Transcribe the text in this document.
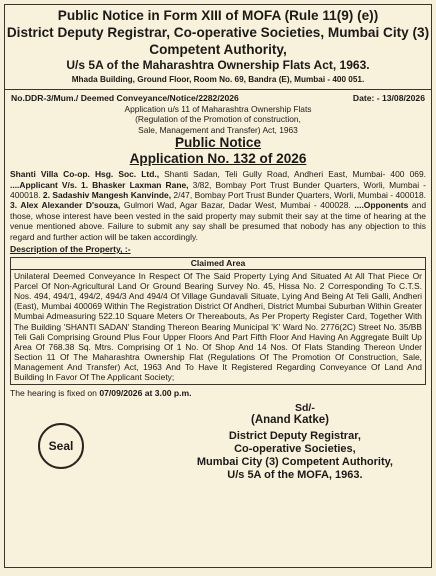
Public Notice in Form XIII of MOFA (Rule 11(9) (e))
District Deputy Registrar, Co-operative Societies, Mumbai City (3)
Competent Authority,
U/s 5A of the Maharashtra Ownership Flats Act, 1963.
Mhada Building, Ground Floor, Room No. 69, Bandra (E), Mumbai - 400 051.
No.DDR-3/Mum./ Deemed Conveyance/Notice/2282/2026	Date: - 13/08/2026
Application u/s 11 of Maharashtra Ownership Flats
(Regulation of the Promotion of construction,
Sale, Management and Transfer) Act, 1963
Public Notice
Application No. 132 of 2026
Shanti Villa Co-op. Hsg. Soc. Ltd., Shanti Sadan, Teli Gully Road, Andheri East, Mumbai- 400 069. ....Applicant V/s. 1. Bhasker Laxman Rane, 3/82, Bombay Port Trust Bunder Quarters, Worli, Mumbai - 400018. 2. Sadashiv Mangesh Kanvinde, 2/47, Bombay Port Trust Bunder Quarters, Worli, Mumbai - 400018. 3. Alex Alexander D'souza, Gulmori Wad, Agar Bazar, Dadar West, Mumbai - 400028. ....Opponents and those, whose interest have been vested in the said property may submit their say at the time of hearing at the venue mentioned above. Failure to submit any say shall be presumed that nobody has any objection to this regard and further action will be taken accordingly.
Description of the Property, :-
Claimed Area
Unilateral Deemed Conveyance In Respect Of The Said Property Lying And Situated At All That Piece Or Parcel Of Non-Agricultural Land Or Ground Bearing Survey No. 45, Hissa No. 2 Corresponding To C.T.S. Nos. 494, 494/1, 494/2, 494/3 And 494/4 Of Village Gundavali Situate, Lying And Being At Teli Galli, Andheri (East), Mumbai 400069 Within The Registration District Of Andheri, District Mumbai Suburban Within Greater Mumbai Admeasuring 522.10 Square Meters Or Thereabouts, As Per Property Register Card, Together With The Building 'SHANTI SADAN' Standing Thereon Bearing Municipal 'K' Ward No. 2776(2C) Street No. 35/BB Teli Gali Comprising Ground Plus Four Upper Floors And Part Fifth Floor And Having An Aggregate Built Up Area Of 768.38 Sq. Mtrs. Comprising Of 1 No. Of Shop And 14 Nos. Of Flats Standing Thereon Under Section 11 Of The Maharashtra Ownership Flat (Regulations Of The Promotion Of Construction, Sale, Management And Transfer) Act, 1963 And To Have It Registered Regarding Conveyance Of Land And Building In Favor Of The Applicant Society;
The hearing is fixed on 07/09/2026 at 3.00 p.m.
Seal
Sd/-
(Anand Katke)
District Deputy Registrar,
Co-operative Societies,
Mumbai City (3) Competent Authority,
U/s 5A of the MOFA, 1963.
